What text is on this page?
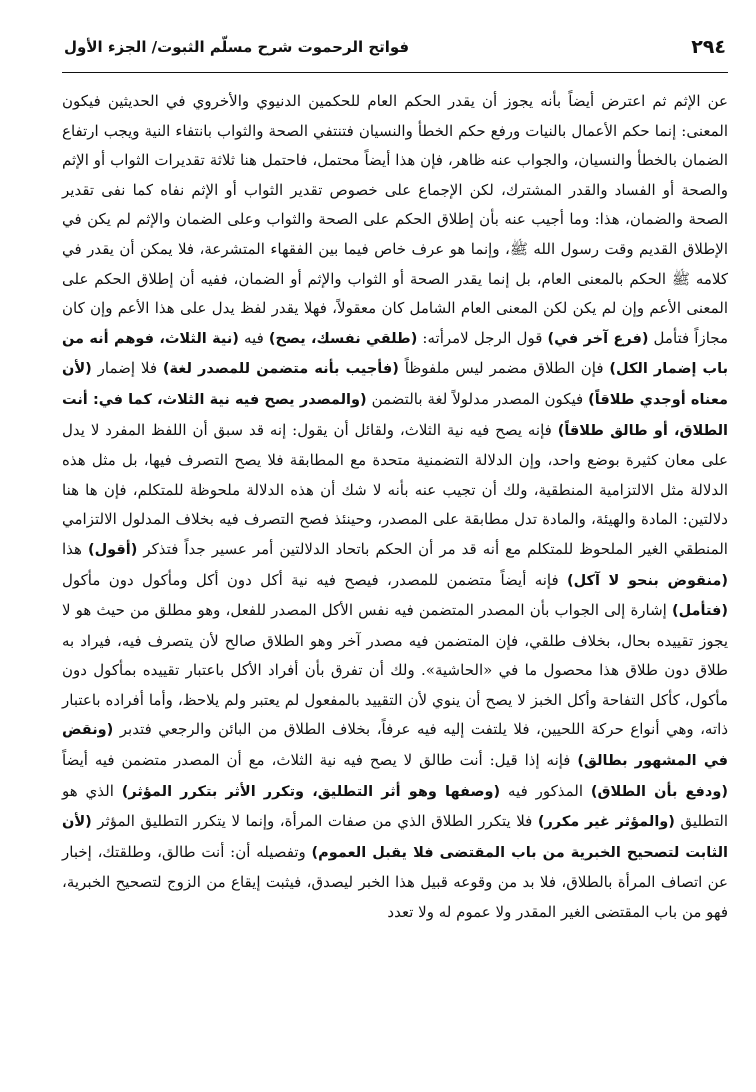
٢٩٤
فواتح الرحموت شرح مسلّم الثبوت/ الجزء الأول
عن الإثم ثم اعترض أيضاً بأنه يجوز أن يقدر الحكم العام للحكمين الدنيوي والأخروي في الحديثين فيكون المعنى: إنما حكم الأعمال بالنيات ورفع حكم الخطأ والنسيان فتنتفي الصحة والثواب بانتفاء النية ويجب ارتفاع الضمان بالخطأ والنسيان، والجواب عنه ظاهر، فإن هذا أيضاً محتمل، فاحتمل هنا ثلاثة تقديرات الثواب أو الإثم والصحة أو الفساد والقدر المشترك، لكن الإجماع على خصوص تقدير الثواب أو الإثم نفاه كما نفى تقدير الصحة والضمان، هذا: وما أجيب عنه بأن إطلاق الحكم على الصحة والثواب وعلى الضمان والإثم لم يكن في الإطلاق القديم وقت رسول الله ﷺ، وإنما هو عرف خاص فيما بين الفقهاء المتشرعة، فلا يمكن أن يقدر في كلامه ﷺ الحكم بالمعنى العام، بل إنما يقدر الصحة أو الثواب والإثم أو الضمان، ففيه أن إطلاق الحكم على المعنى الأعم وإن لم يكن لكن المعنى العام الشامل كان معقولاً، فهلا يقدر لفظ يدل على هذا الأعم وإن كان مجازاً فتأمل (فرع آخر في) قول الرجل لامرأته: (طلقي نفسك، يصح) فيه (نية الثلاث، فوهم أنه من باب إضمار الكل) فإن الطلاق مضمر ليس ملفوظاً (فأجيب بأنه متضمن للمصدر لغة) فلا إضمار (لأن معناه أوجدي طلاقاً) فيكون المصدر مدلولاً لغة بالتضمن (والمصدر يصح فيه نية الثلاث، كما في: أنت الطلاق، أو طالق طلاقاً) فإنه يصح فيه نية الثلاث، ولقائل أن يقول: إنه قد سبق أن اللفظ المفرد لا يدل على معان كثيرة بوضع واحد، وإن الدلالة التضمنية متحدة مع المطابقة فلا يصح التصرف فيها، بل مثل هذه الدلالة مثل الالتزامية المنطقية، ولك أن تجيب عنه بأنه لا شك أن هذه الدلالة ملحوظة للمتكلم، فإن ها هنا دلالتين: المادة والهيئة، والمادة تدل مطابقة على المصدر، وحينئذ فصح التصرف فيه بخلاف المدلول الالتزامي المنطقي الغير الملحوظ للمتكلم مع أنه قد مر أن الحكم باتحاد الدلالتين أمر عسير جداً فتذكر (أقول) هذا (منقوض بنحو لا آكل) فإنه أيضاً متضمن للمصدر، فيصح فيه نية أكل دون أكل ومأكول دون مأكول (فتأمل) إشارة إلى الجواب بأن المصدر المتضمن فيه نفس الأكل المصدر للفعل، وهو مطلق من حيث هو لا يجوز تقييده بحال، بخلاف طلقي، فإن المتضمن فيه مصدر آخر وهو الطلاق صالح لأن يتصرف فيه، فيراد به طلاق دون طلاق هذا محصول ما في «الحاشية». ولك أن تفرق بأن أفراد الأكل باعتبار تقييده بمأكول دون مأكول، كأكل التفاحة وأكل الخبز لا يصح أن ينوي لأن التقييد بالمفعول لم يعتبر ولم يلاحظ، وأما أفراده باعتبار ذاته، وهي أنواع حركة اللحيين، فلا يلتفت إليه فيه عرفاً، بخلاف الطلاق من البائن والرجعي فتدبر (ونقض في المشهور بطالق) فإنه إذا قيل: أنت طالق لا يصح فيه نية الثلاث، مع أن المصدر متضمن فيه أيضاً (ودفع بأن الطلاق) المذكور فيه (وصفها وهو أثر التطليق، وتكرر الأثر بتكرر المؤثر) الذي هو التطليق (والمؤثر غير مكرر) فلا يتكرر الطلاق الذي من صفات المرأة، وإنما لا يتكرر التطليق المؤثر (لأن الثابت لتصحيح الخبرية من باب المقتضى فلا يقبل العموم) وتفصيله أن: أنت طالق، وطلقتك، إخبار عن اتصاف المرأة بالطلاق، فلا بد من وقوعه قبيل هذا الخبر ليصدق، فيثبت إيقاع من الزوج لتصحيح الخبرية، فهو من باب المقتضى الغير المقدر ولا عموم له ولا تعدد
